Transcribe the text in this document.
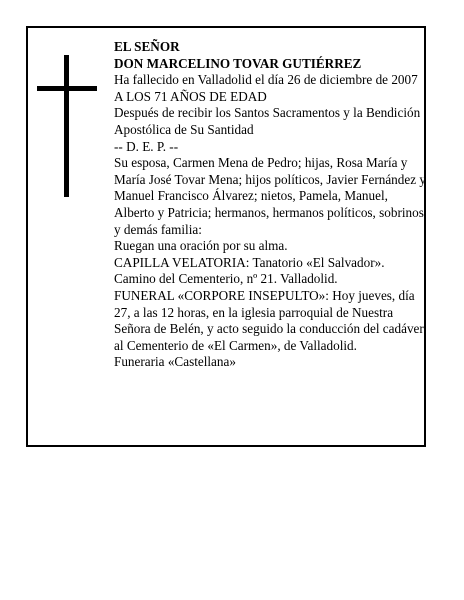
EL SEÑOR

DON MARCELINO TOVAR GUTIÉRREZ

Ha fallecido en Valladolid el día 26 de diciembre de 2007

A LOS 71 AÑOS DE EDAD

Después de recibir los Santos Sacramentos y la Bendición Apostólica de Su Santidad

-- D. E. P. --

Su esposa, Carmen Mena de Pedro; hijas, Rosa María y María José Tovar Mena; hijos políticos, Javier Fernández y Manuel Francisco Álvarez; nietos, Pamela, Manuel, Alberto y Patricia; hermanos, hermanos políticos, sobrinos y demás familia:

Ruegan una oración por su alma.

CAPILLA VELATORIA: Tanatorio «El Salvador». Camino del Cementerio, nº 21. Valladolid.

FUNERAL «CORPORE INSEPULTO»: Hoy jueves, día 27, a las 12 horas, en la iglesia parroquial de Nuestra Señora de Belén, y acto seguido la conducción del cadáver al Cementerio de «El Carmen», de Valladolid.

Funeraria «Castellana»
